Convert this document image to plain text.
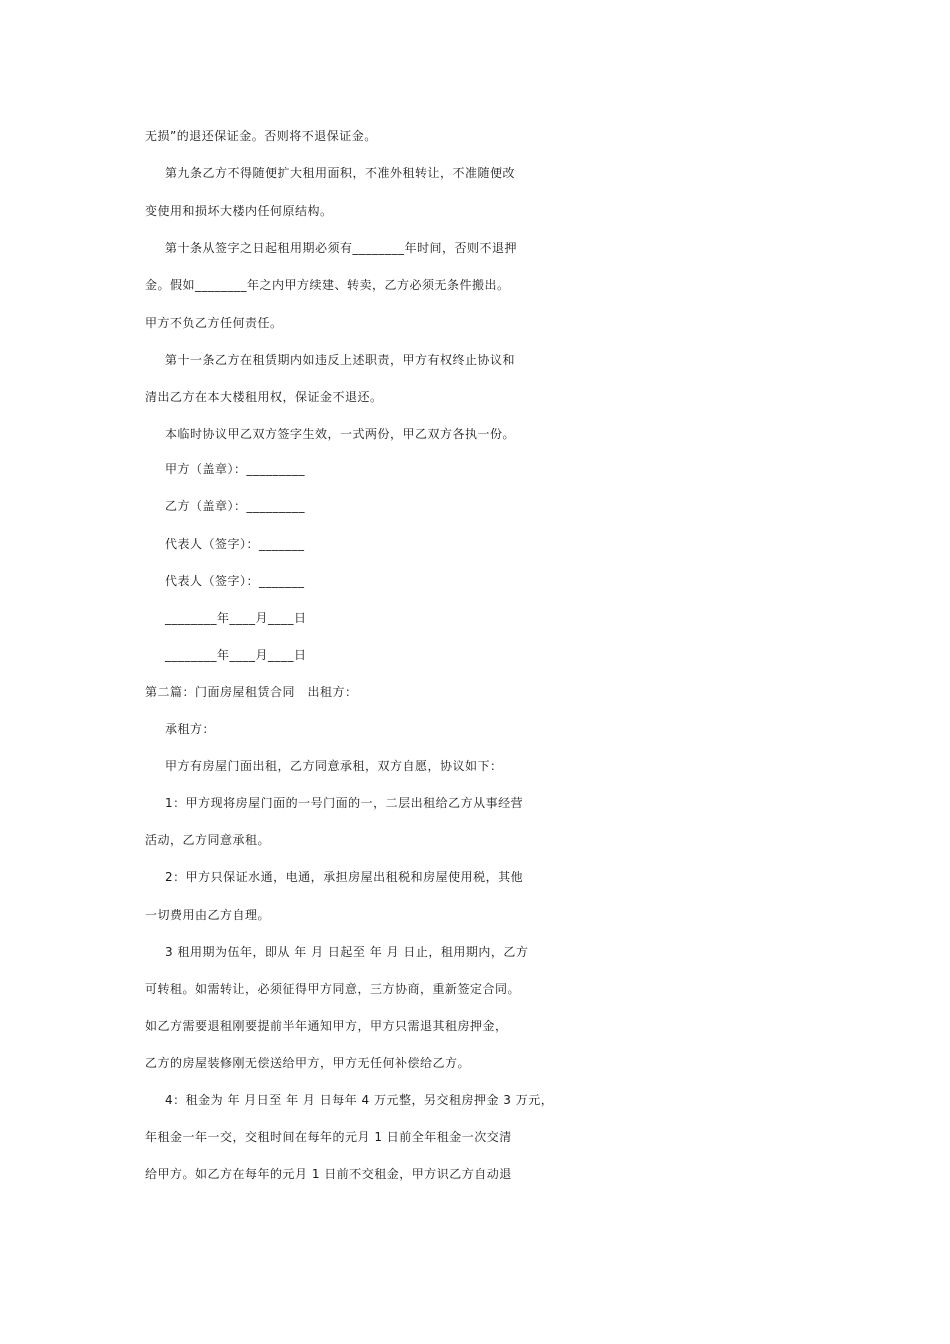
无损”的退还保证金。否则将不退保证金。
第九条乙方不得随便扩大租用面积，不准外租转让，不准随便改
变使用和损坏大楼内任何原结构。
第十条从签字之日起租用期必须有________年时间，否则不退押
金。假如________年之内甲方续建、转卖，乙方必须无条件搬出。
甲方不负乙方任何责任。
第十一条乙方在租赁期内如违反上述职责，甲方有权终止协议和
清出乙方在本大楼租用权，保证金不退还。
本临时协议甲乙双方签字生效，一式两份，甲乙双方各执一份。
甲方（盖章）：_________
乙方（盖章）：_________
代表人（签字）：_______
代表人（签字）：_______
________年____月____日
________年____月____日
第二篇：门面房屋租赁合同　出租方：
承租方：
甲方有房屋门面出租，乙方同意承租，双方自愿，协议如下：
1：甲方现将房屋门面的一号门面的一，二层出租给乙方从事经营
活动，乙方同意承租。
2：甲方只保证水通，电通，承担房屋出租税和房屋使用税，其他
一切费用由乙方自理。
3 租用期为伍年，即从 年 月 日起至 年 月 日止，租用期内，乙方
可转租。如需转让，必须征得甲方同意，三方协商，重新签定合同。
如乙方需要退租刚要提前半年通知甲方，甲方只需退其租房押金，
乙方的房屋装修刚无偿送给甲方，甲方无任何补偿给乙方。
4：租金为 年 月日至 年 月 日每年 4 万元整，另交租房押金 3 万元，
年租金一年一交，交租时间在每年的元月 1 日前全年租金一次交清
给甲方。如乙方在每年的元月 1 日前不交租金，甲方识乙方自动退
